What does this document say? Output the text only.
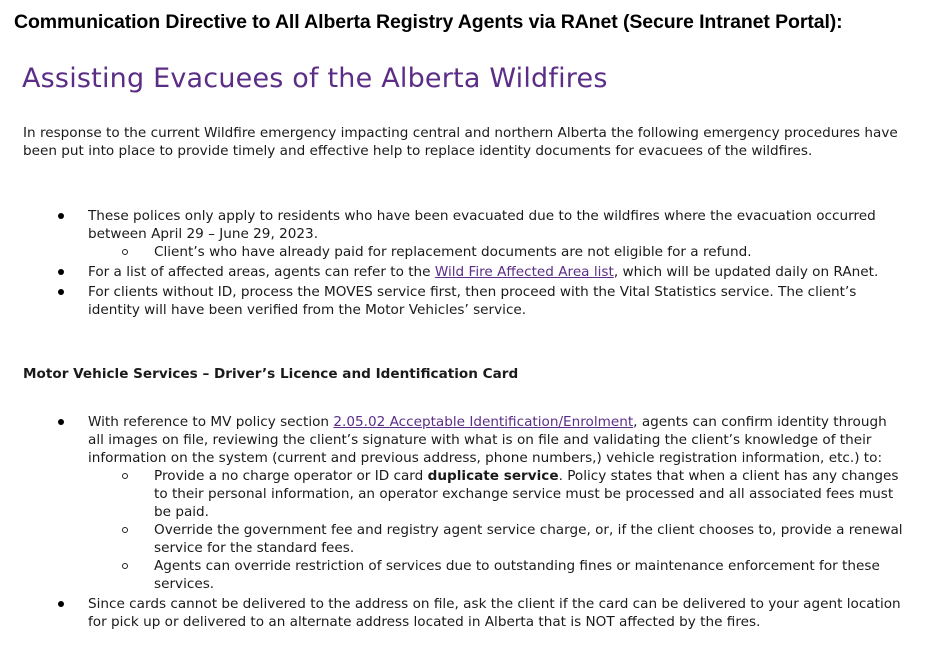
Communication Directive to All Alberta Registry Agents via RAnet (Secure Intranet Portal):
Assisting Evacuees of the Alberta Wildfires
In response to the current Wildfire emergency impacting central and northern Alberta the following emergency procedures have been put into place to provide timely and effective help to replace identity documents for evacuees of the wildfires.
These polices only apply to residents who have been evacuated due to the wildfires where the evacuation occurred between April 29 – June 29, 2023.
Client’s who have already paid for replacement documents are not eligible for a refund.
For a list of affected areas, agents can refer to the Wild Fire Affected Area list, which will be updated daily on RAnet.
For clients without ID, process the MOVES service first, then proceed with the Vital Statistics service. The client’s identity will have been verified from the Motor Vehicles’ service.
Motor Vehicle Services – Driver’s Licence and Identification Card
With reference to MV policy section 2.05.02 Acceptable Identification/Enrolment, agents can confirm identity through all images on file, reviewing the client’s signature with what is on file and validating the client’s knowledge of their information on the system (current and previous address, phone numbers,) vehicle registration information, etc.) to:
Provide a no charge operator or ID card duplicate service. Policy states that when a client has any changes to their personal information, an operator exchange service must be processed and all associated fees must be paid.
Override the government fee and registry agent service charge, or, if the client chooses to, provide a renewal service for the standard fees.
Agents can override restriction of services due to outstanding fines or maintenance enforcement for these services.
Since cards cannot be delivered to the address on file, ask the client if the card can be delivered to your agent location for pick up or delivered to an alternate address located in Alberta that is NOT affected by the fires.
